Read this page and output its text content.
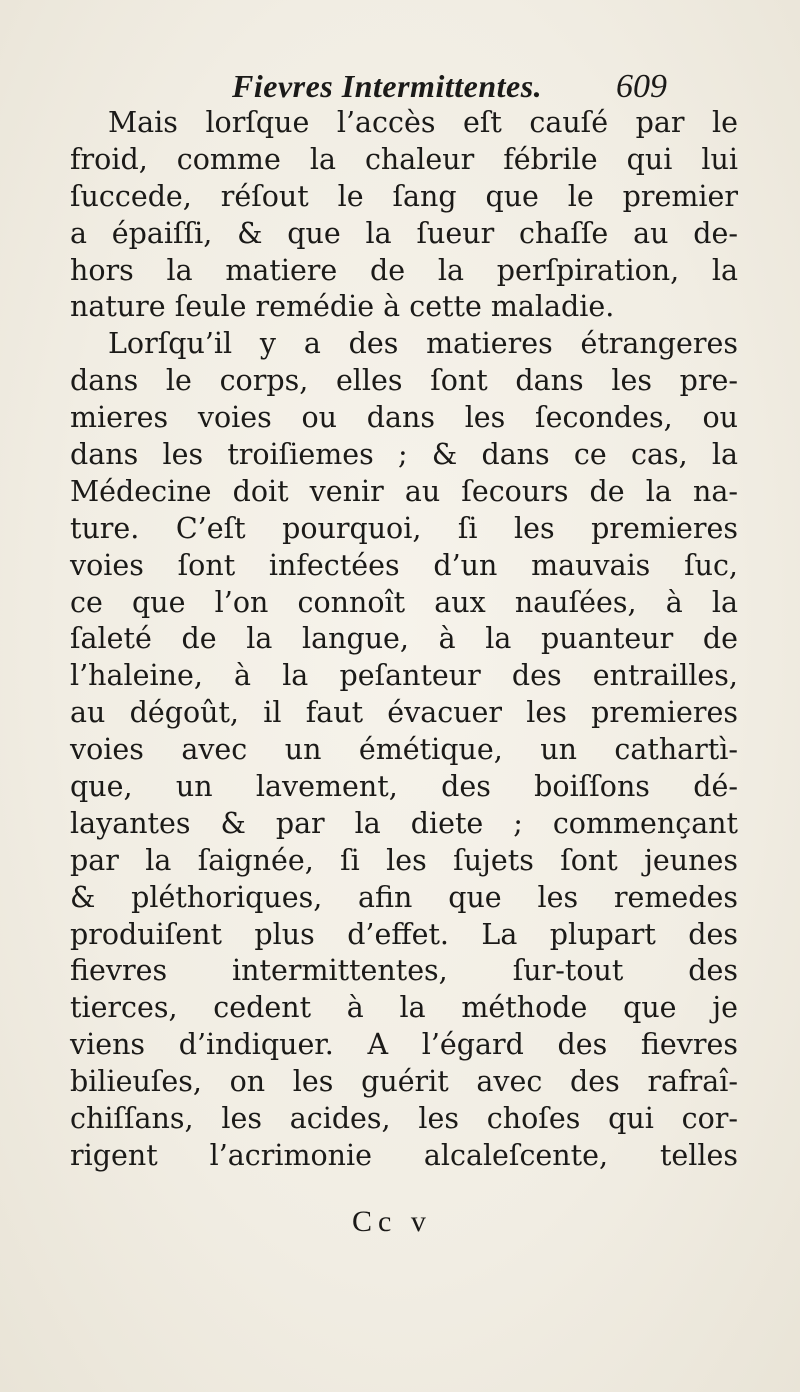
Fievres Intermittentes. 609
Mais lorſque l’accès eſt cauſé par le
froid, comme la chaleur fébrile qui lui
ſuccede, réſout le ſang que le premier
a épaiſſi, & que la ſueur chaſſe au de-
hors la matiere de la perſpiration, la
nature ſeule remédie à cette maladie.
Lorſqu’il y a des matieres étrangeres
dans le corps, elles ſont dans les pre-
mieres voies ou dans les ſecondes, ou
dans les troiſiemes ; & dans ce cas, la
Médecine doit venir au ſecours de la na-
ture. C’eſt pourquoi, ſi les premieres
voies ſont infectées d’un mauvais ſuc,
ce que l’on connoît aux nauſées, à la
ſaleté de la langue, à la puanteur de
l’haleine, à la peſanteur des entrailles,
au dégoût, il faut évacuer les premieres
voies avec un émétique, un cathartì-
que, un lavement, des boiſſons dé-
layantes & par la diete ; commençant
par la ſaignée, ſi les ſujets ſont jeunes
& pléthoriques, afin que les remedes
produiſent plus d’effet. La plupart des
fievres intermittentes, ſur-tout des
tierces, cedent à la méthode que je
viens d’indiquer. A l’égard des fievres
bilieuſes, on les guérit avec des rafraî-
chiſſans, les acides, les choſes qui cor-
rigent l’acrimonie alcaleſcente, telles
Cc v
